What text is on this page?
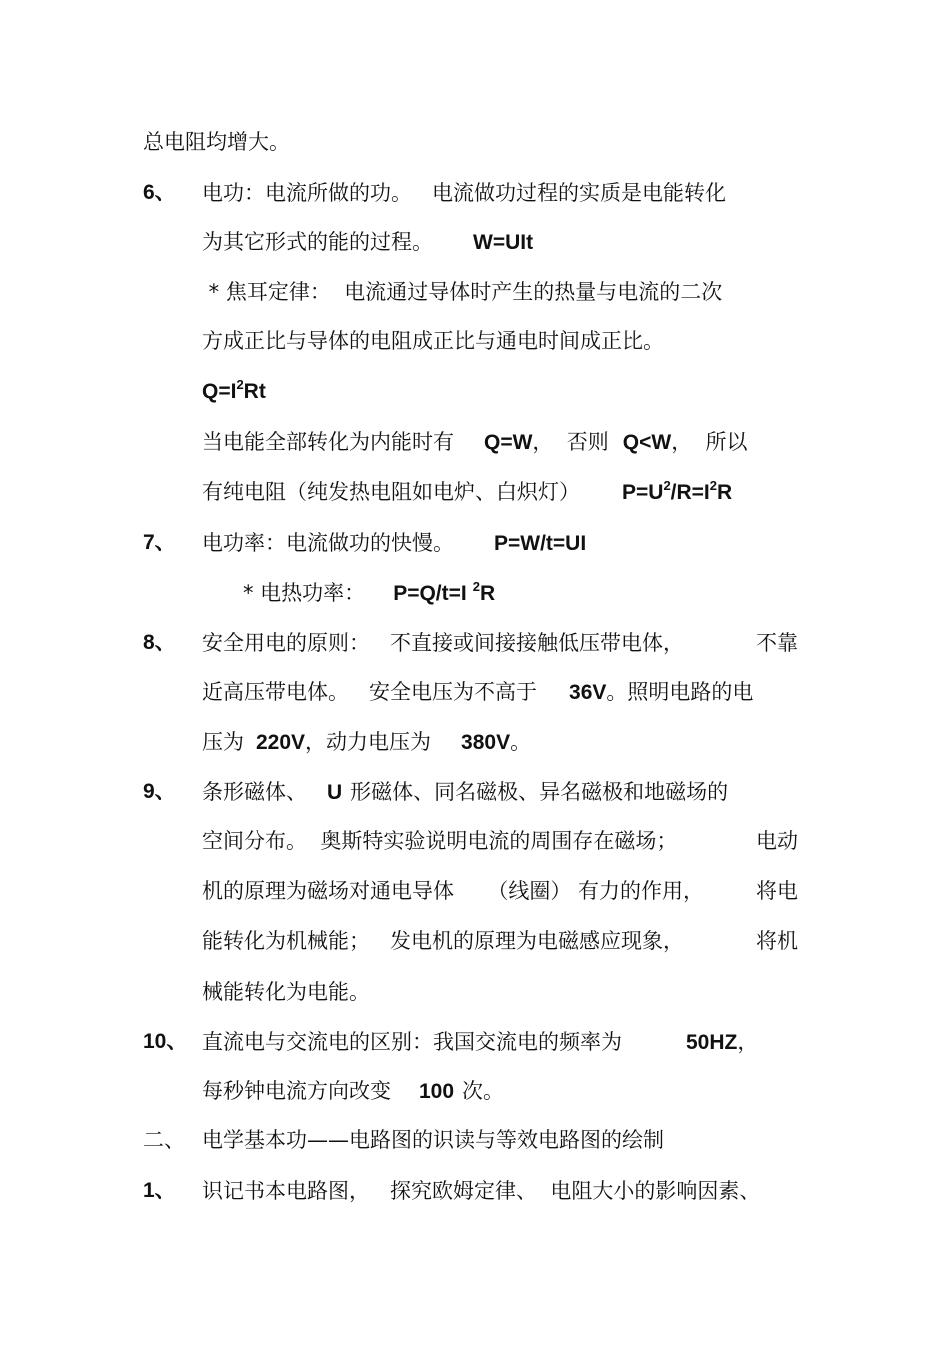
总电阻均增大。
6、 电功：电流所做的功。   电流做功过程的实质是电能转化
为其它形式的能的过程。 W=UIt
* 焦耳定律：  电流通过导体时产生的热量与电流的二次
方成正比与导体的电阻成正比与通电时间成正比。
$Q=I^2Rt$
当电能全部转化为内能时有 Q=W，  否则 Q<W，  所以
有纯电阻（纯发热电阻如电炉、白炽灯） $P=U^2/R=I^2R$
7、 电功率：电流做功的快慢。 P=W/t=UI
* 电热功率： P=Q/t=I $^2$R
8、 安全用电的原则：   不直接或间接接触低压带电体，	不靠
近高压带电体。   安全电压为不高于 36V。照明电路的电
压为 220V，动力电压为 380V。
9、 条形磁体、 U 形磁体、同名磁极、异名磁极和地磁场的
空间分布。  奥斯特实验说明电流的周围存在磁场；	电动
机的原理为磁场对通电导体     （线圈） 有力的作用， 将电
能转化为机械能；   发电机的原理为电磁感应现象，	将机
械能转化为电能。
10、 直流电与交流电的区别：我国交流电的频率为	50HZ，
每秒钟电流方向改变 100 次。
二、 电学基本功——电路图的识读与等效电路图的绘制
1、 识记书本电路图，   探究欧姆定律、  电阻大小的影响因素、
